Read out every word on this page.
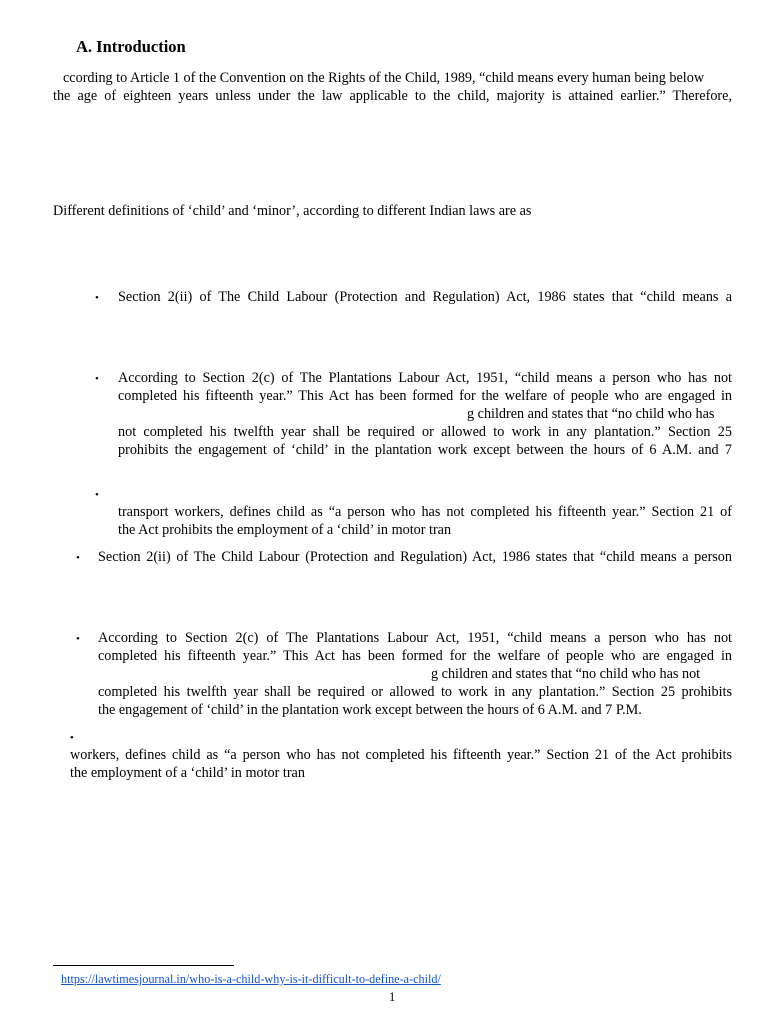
A. Introduction
ccording to Article 1 of the Convention on the Rights of the Child, 1989, “child means every human being below
the age of eighteen years unless under the law applicable to the child, majority is attained earlier.” Therefore,
Different definitions of ‘child’ and ‘minor’, according to different Indian laws are as
• Section 2(ii) of The Child Labour (Protection and Regulation) Act, 1986 states that “child means a
• According to Section 2(c) of The Plantations Labour Act, 1951, “child means a person who has not
completed his fifteenth year.” This Act has been formed for the welfare of people who are engaged in
g children and states that “no child who has
not completed his twelfth year shall be required or allowed to work in any plantation.” Section 25
prohibits the engagement of ‘child’ in the plantation work except between the hours of 6 A.M. and 7
•
transport workers, defines child as “a person who has not completed his fifteenth year.” Section 21 of
the Act prohibits the employment of a ‘child’ in motor tran
• Section 2(ii) of The Child Labour (Protection and Regulation) Act, 1986 states that “child means a person
• According to Section 2(c) of The Plantations Labour Act, 1951, “child means a person who has not
completed his fifteenth year.” This Act has been formed for the welfare of people who are engaged in
g children and states that “no child who has not
completed his twelfth year shall be required or allowed to work in any plantation.” Section 25 prohibits
the engagement of ‘child’ in the plantation work except between the hours of 6 A.M. and 7 P.M.
•
workers, defines child as “a person who has not completed his fifteenth year.” Section 21 of the Act prohibits
the employment of a ‘child’ in motor tran
https://lawtimesjournal.in/who-is-a-child-why-is-it-difficult-to-define-a-child/
1
